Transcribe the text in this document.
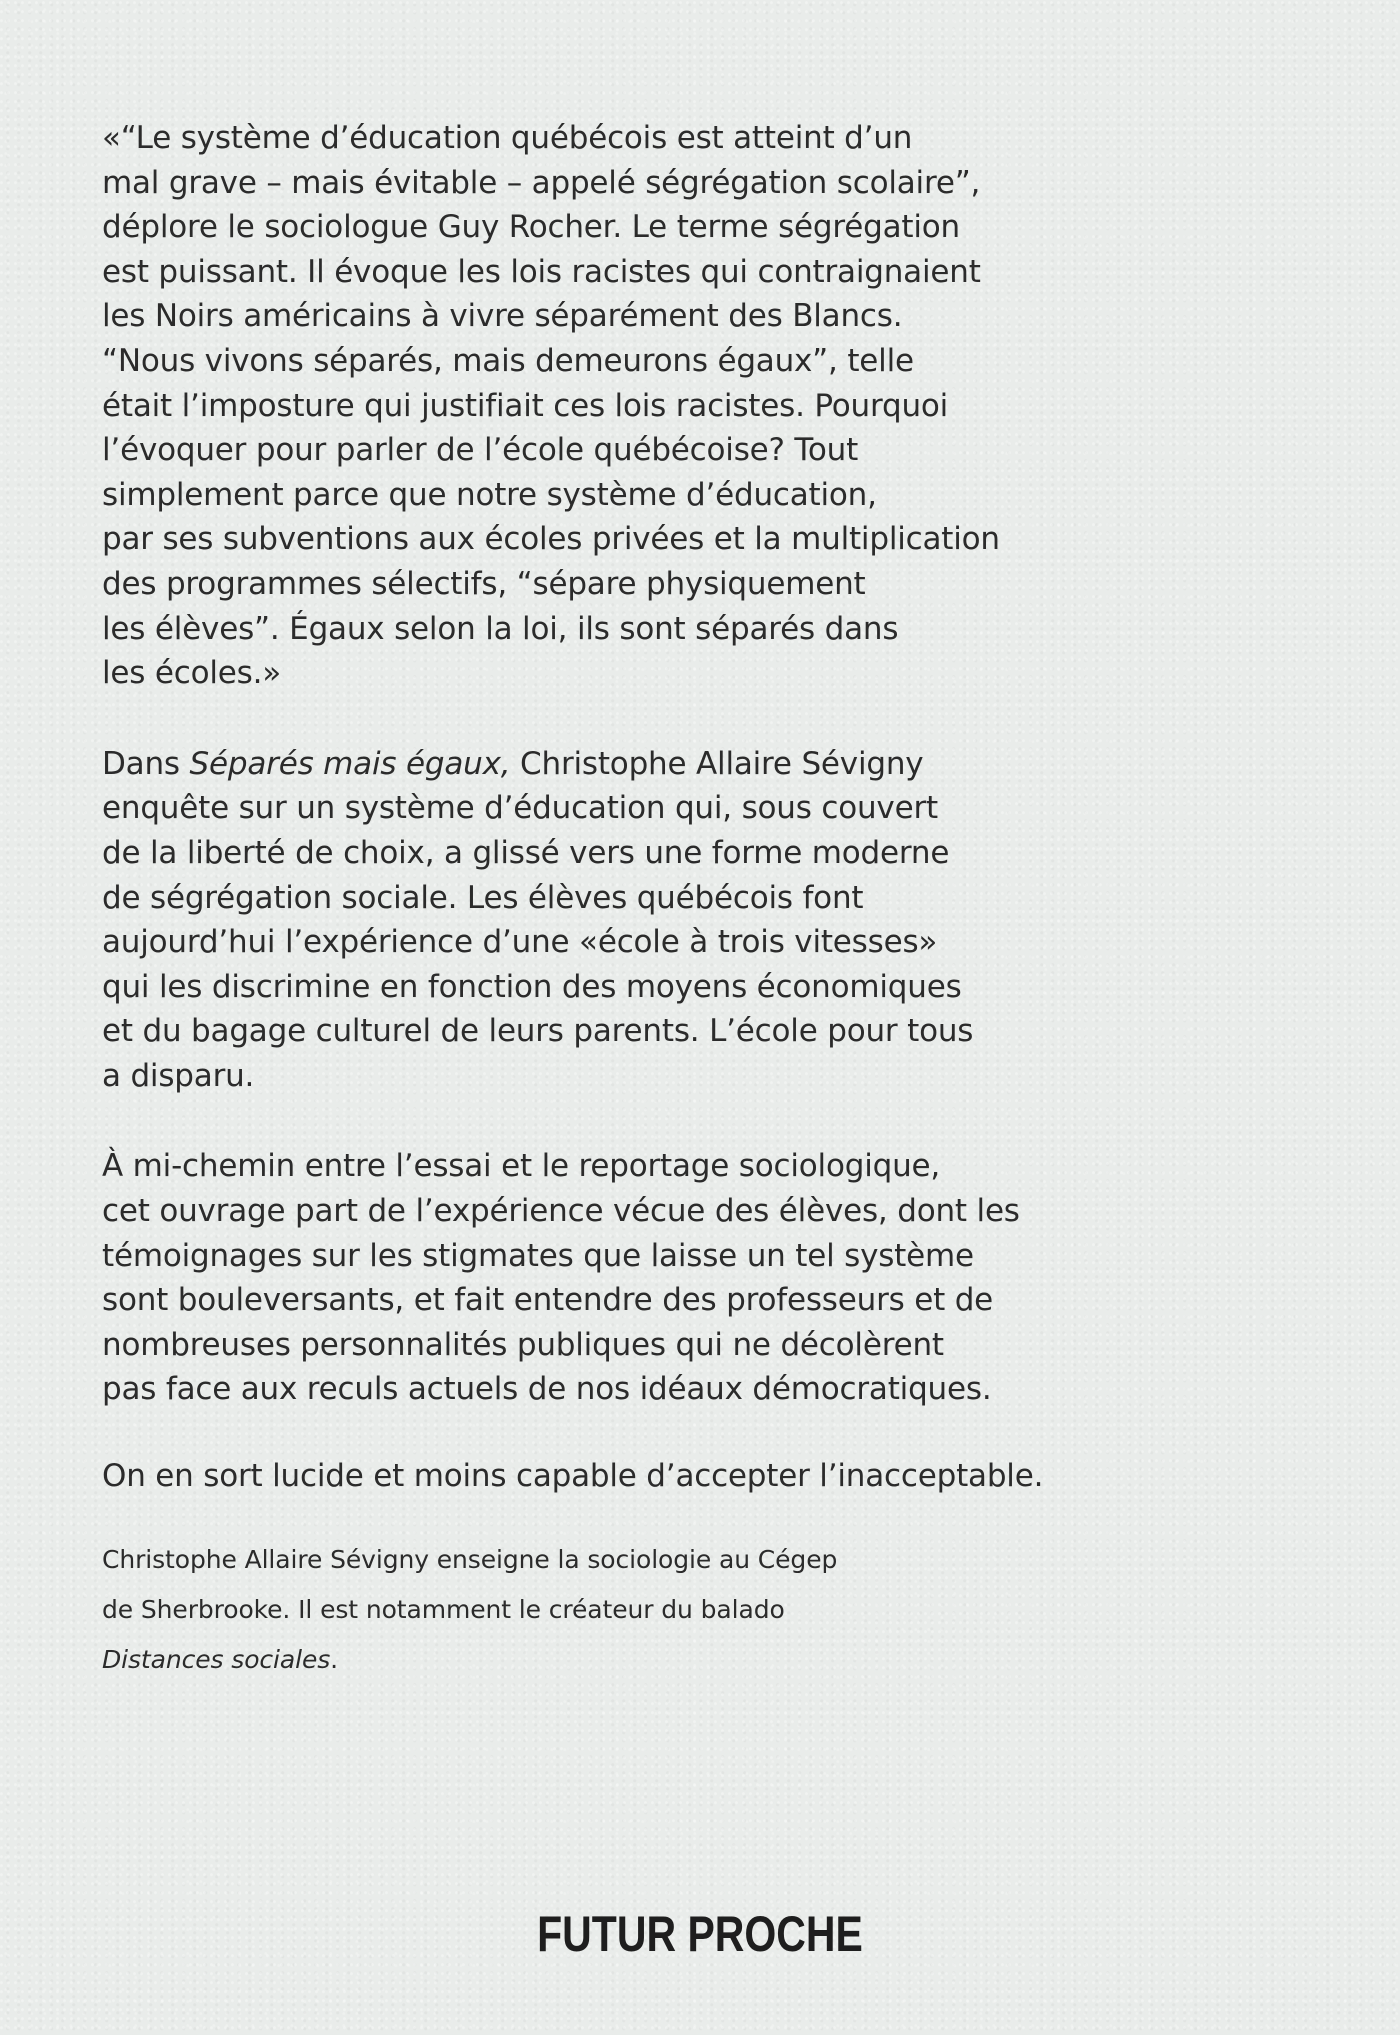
«“Le système d’éducation québécois est atteint d’un
mal grave – mais évitable – appelé ségrégation scolaire”,
déplore le sociologue Guy Rocher. Le terme ségrégation
est puissant. Il évoque les lois racistes qui contraignaient
les Noirs américains à vivre séparément des Blancs.
“Nous vivons séparés, mais demeurons égaux”, telle
était l’imposture qui justifiait ces lois racistes. Pourquoi
l’évoquer pour parler de l’école québécoise? Tout
simplement parce que notre système d’éducation,
par ses subventions aux écoles privées et la multiplication
des programmes sélectifs, “sépare physiquement
les élèves”. Égaux selon la loi, ils sont séparés dans
les écoles.»

Dans Séparés mais égaux, Christophe Allaire Sévigny
enquête sur un système d’éducation qui, sous couvert
de la liberté de choix, a glissé vers une forme moderne
de ségrégation sociale. Les élèves québécois font
aujourd’hui l’expérience d’une «école à trois vitesses»
qui les discrimine en fonction des moyens économiques
et du bagage culturel de leurs parents. L’école pour tous
a disparu.

À mi-chemin entre l’essai et le reportage sociologique,
cet ouvrage part de l’expérience vécue des élèves, dont les
témoignages sur les stigmates que laisse un tel système
sont bouleversants, et fait entendre des professeurs et de
nombreuses personnalités publiques qui ne décolèrent
pas face aux reculs actuels de nos idéaux démocratiques.

On en sort lucide et moins capable d’accepter l’inacceptable.

Christophe Allaire Sévigny enseigne la sociologie au Cégep
de Sherbrooke. Il est notamment le créateur du balado
Distances sociales.

FUTUR PROCHE
